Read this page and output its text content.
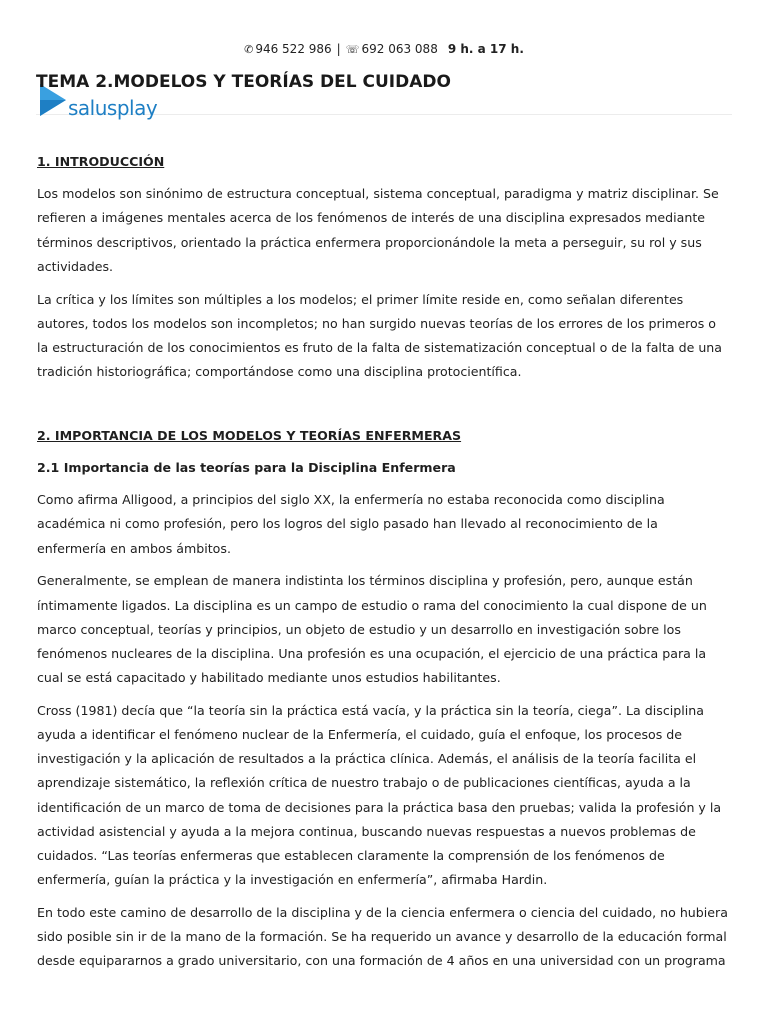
✆ 946 522 986 | ☏ 692 063 088 9 h. a 17 h.
TEMA 2.MODELOS Y TEORÍAS DEL CUIDADO
salusplay
1. INTRODUCCIÓN

Los modelos son sinónimo de estructura conceptual, sistema conceptual, paradigma y matriz disciplinar. Se refieren a imágenes mentales acerca de los fenómenos de interés de una disciplina expresados mediante términos descriptivos, orientado la práctica enfermera proporcionándole la meta a perseguir, su rol y sus actividades.

La crítica y los límites son múltiples a los modelos; el primer límite reside en, como señalan diferentes autores, todos los modelos son incompletos; no han surgido nuevas teorías de los errores de los primeros o la estructuración de los conocimientos es fruto de la falta de sistematización conceptual o de la falta de una tradición historiográfica; comportándose como una disciplina protocientífica.

2. IMPORTANCIA DE LOS MODELOS Y TEORÍAS ENFERMERAS
2.1 Importancia de las teorías para la Disciplina Enfermera

Como afirma Alligood, a principios del siglo XX, la enfermería no estaba reconocida como disciplina académica ni como profesión, pero los logros del siglo pasado han llevado al reconocimiento de la enfermería en ambos ámbitos.

Generalmente, se emplean de manera indistinta los términos disciplina y profesión, pero, aunque están íntimamente ligados. La disciplina es un campo de estudio o rama del conocimiento la cual dispone de un marco conceptual, teorías y principios, un objeto de estudio y un desarrollo en investigación sobre los fenómenos nucleares de la disciplina. Una profesión es una ocupación, el ejercicio de una práctica para la cual se está capacitado y habilitado mediante unos estudios habilitantes.

Cross (1981) decía que “la teoría sin la práctica está vacía, y la práctica sin la teoría, ciega”. La disciplina ayuda a identificar el fenómeno nuclear de la Enfermería, el cuidado, guía el enfoque, los procesos de investigación y la aplicación de resultados a la práctica clínica. Además, el análisis de la teoría facilita el aprendizaje sistemático, la reflexión crítica de nuestro trabajo o de publicaciones científicas, ayuda a la identificación de un marco de toma de decisiones para la práctica basa den pruebas; valida la profesión y la actividad asistencial y ayuda a la mejora continua, buscando nuevas respuestas a nuevos problemas de cuidados. “Las teorías enfermeras que establecen claramente la comprensión de los fenómenos de enfermería, guían la práctica y la investigación en enfermería”, afirmaba Hardin.

En todo este camino de desarrollo de la disciplina y de la ciencia enfermera o ciencia del cuidado, no hubiera sido posible sin ir de la mano de la formación. Se ha requerido un avance y desarrollo de la educación formal desde equipararnos a grado universitario, con una formación de 4 años en una universidad con un programa
